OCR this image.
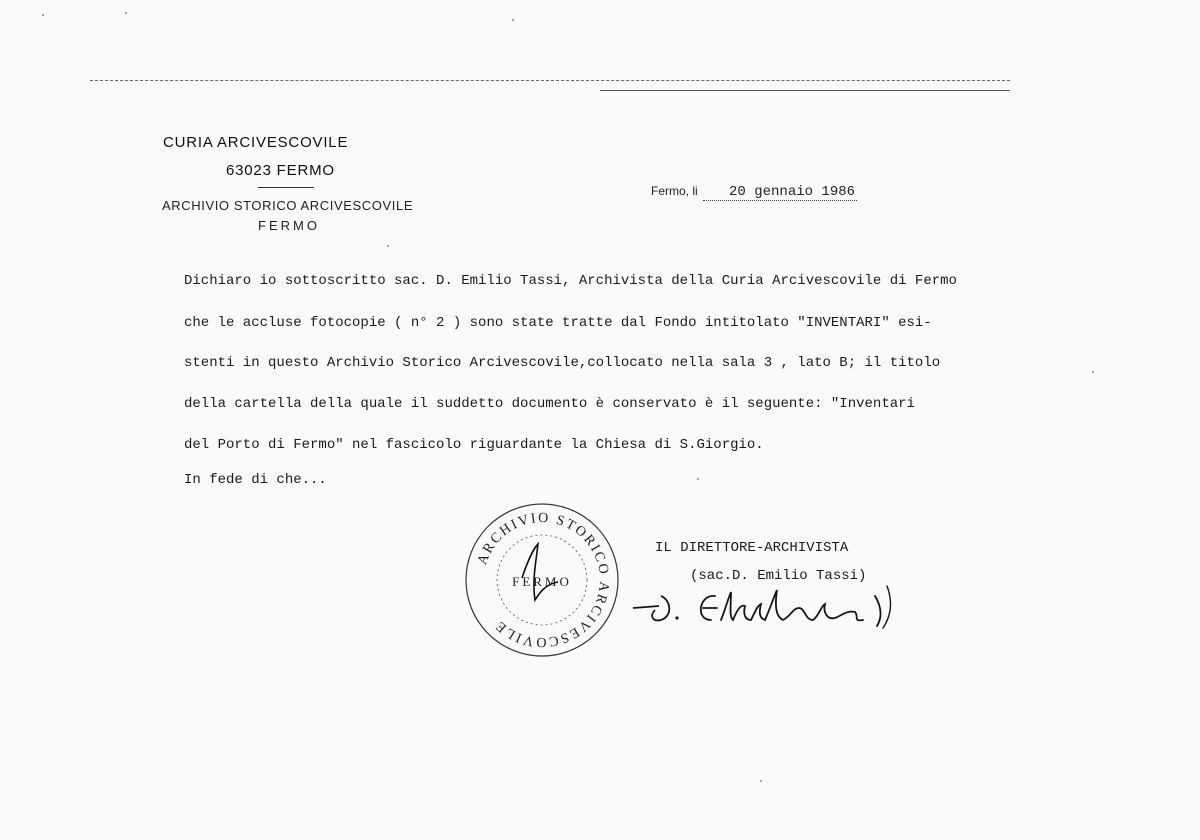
CURIA ARCIVESCOVILE
63023 FERMO
ARCHIVIO STORICO ARCIVESCOVILE
FERMO
Fermo, li 20 gennaio 1986
Dichiaro io sottoscritto sac. D. Emilio Tassi, Archivista della Curia Arcivescovile di Fermo
che le accluse fotocopie ( n° 2 ) sono state tratte dal Fondo intitolato "INVENTARI" esi-
stenti in questo Archivio Storico Arcivescovile,collocato nella sala 3 , lato B; il titolo
della cartella della quale il suddetto documento è conservato è il seguente: "Inventari
del Porto di Fermo" nel fascicolo riguardante la Chiesa di S.Giorgio.
In fede di che...
ARCHIVIO STORICO ARCIVESCOVILE
FERMO
IL DIRETTORE-ARCHIVISTA
(sac.D. Emilio Tassi)
